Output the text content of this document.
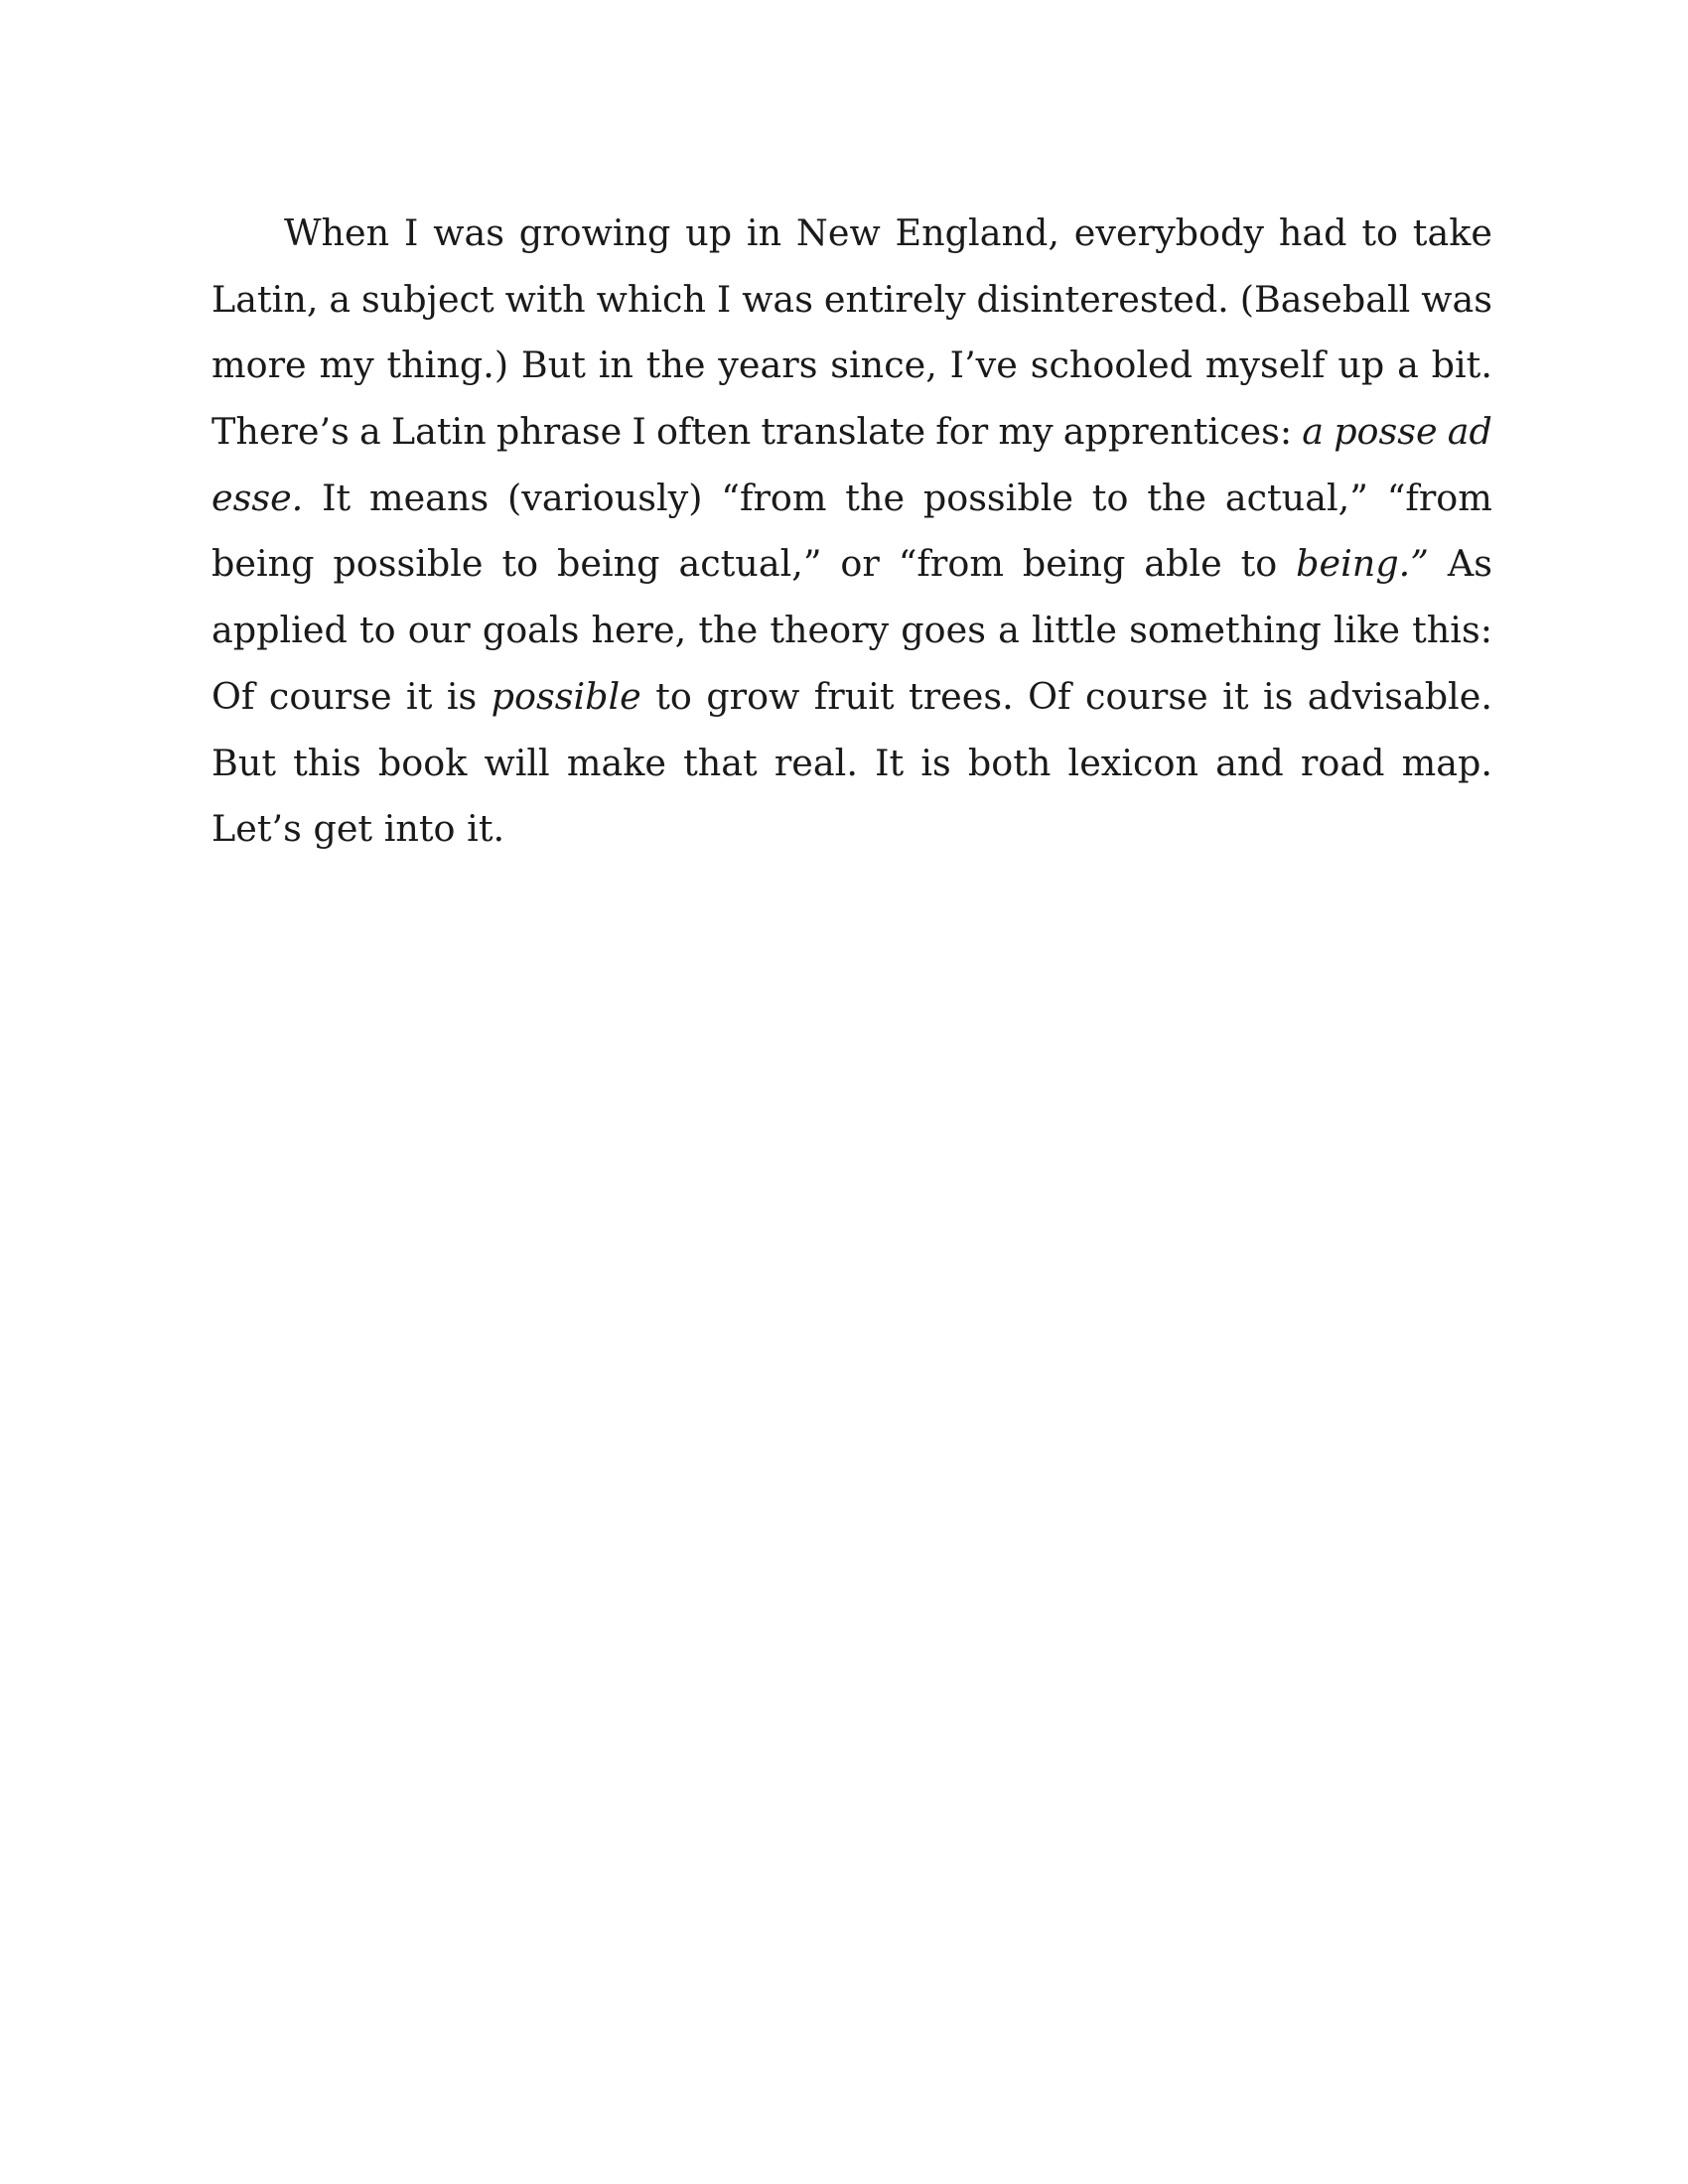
When I was growing up in New England, everybody had to take
Latin, a subject with which I was entirely disinterested. (Baseball was
more my thing.) But in the years since, I’ve schooled myself up a bit.
There’s a Latin phrase I often translate for my apprentices: a posse ad
esse. It means (variously) “from the possible to the actual,” “from
being possible to being actual,” or “from being able to being.” As
applied to our goals here, the theory goes a little something like this:
Of course it is possible to grow fruit trees. Of course it is advisable.
But this book will make that real. It is both lexicon and road map.
Let’s get into it.
